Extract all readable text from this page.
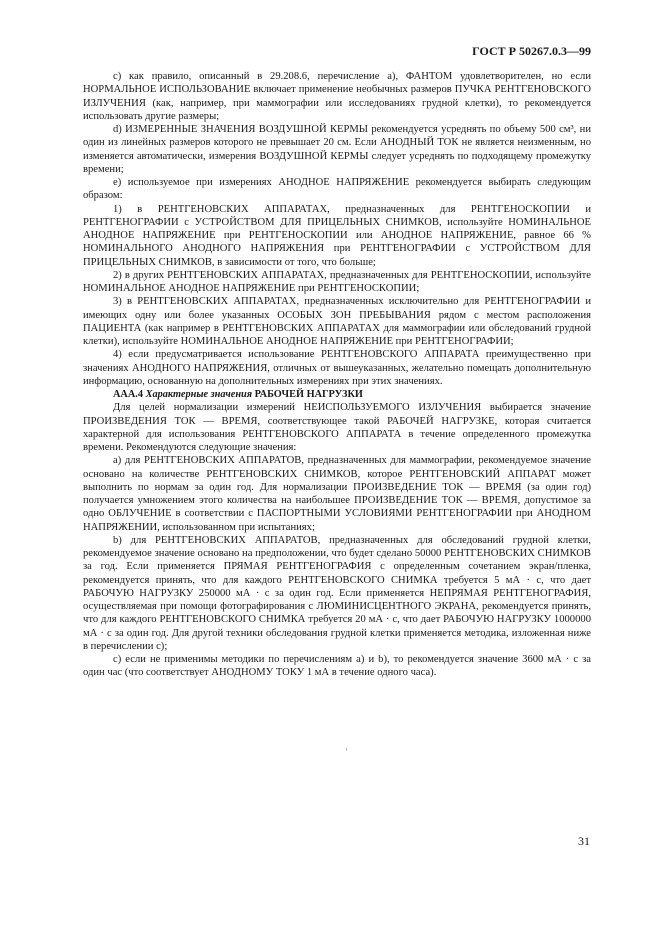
ГОСТ Р 50267.0.3—99

c) как правило, описанный в 29.208.6, перечисление а), ФАНТОМ удовлетворителен, но если НОРМАЛЬНОЕ ИСПОЛЬЗОВАНИЕ включает применение необычных размеров ПУЧКА РЕНТГЕНОВСКОГО ИЗЛУЧЕНИЯ (как, например, при маммографии или исследованиях грудной клетки), то рекомендуется использовать другие размеры;

d) ИЗМЕРЕННЫЕ ЗНАЧЕНИЯ ВОЗДУШНОЙ КЕРМЫ рекомендуется усреднять по объему 500 см³, ни один из линейных размеров которого не превышает 20 см. Если АНОДНЫЙ ТОК не является неизменным, но изменяется автоматически, измерения ВОЗДУШНОЙ КЕРМЫ следует усреднять по подходящему промежутку времени;

e) используемое при измерениях АНОДНОЕ НАПРЯЖЕНИЕ рекомендуется выбирать следующим образом:

1) в РЕНТГЕНОВСКИХ АППАРАТАХ, предназначенных для РЕНТГЕНОСКОПИИ и РЕНТГЕНОГРАФИИ с УСТРОЙСТВОМ ДЛЯ ПРИЦЕЛЬНЫХ СНИМКОВ, используйте НОМИНАЛЬНОЕ АНОДНОЕ НАПРЯЖЕНИЕ при РЕНТГЕНОСКОПИИ или АНОДНОЕ НАПРЯЖЕНИЕ, равное 66 % НОМИНАЛЬНОГО АНОДНОГО НАПРЯЖЕНИЯ при РЕНТГЕНОГРАФИИ с УСТРОЙСТВОМ ДЛЯ ПРИЦЕЛЬНЫХ СНИМКОВ, в зависимости от того, что больше;

2) в других РЕНТГЕНОВСКИХ АППАРАТАХ, предназначенных для РЕНТГЕНОСКОПИИ, используйте НОМИНАЛЬНОЕ АНОДНОЕ НАПРЯЖЕНИЕ при РЕНТГЕНОСКОПИИ;

3) в РЕНТГЕНОВСКИХ АППАРАТАХ, предназначенных исключительно для РЕНТГЕНОГРАФИИ и имеющих одну или более указанных ОСОБЫХ ЗОН ПРЕБЫВАНИЯ рядом с местом расположения ПАЦИЕНТА (как например в РЕНТГЕНОВСКИХ АППАРАТАХ для маммографии или обследований грудной клетки), используйте НОМИНАЛЬНОЕ АНОДНОЕ НАПРЯЖЕНИЕ при РЕНТГЕНОГРАФИИ;

4) если предусматривается использование РЕНТГЕНОВСКОГО АППАРАТА преимущественно при значениях АНОДНОГО НАПРЯЖЕНИЯ, отличных от вышеуказанных, желательно помещать дополнительную информацию, основанную на дополнительных измерениях при этих значениях.

AAA.4 Характерные значения РАБОЧЕЙ НАГРУЗКИ

Для целей нормализации измерений НЕИСПОЛЬЗУЕМОГО ИЗЛУЧЕНИЯ выбирается значение ПРОИЗВЕДЕНИЯ ТОК — ВРЕМЯ, соответствующее такой РАБОЧЕЙ НАГРУЗКЕ, которая считается характерной для использования РЕНТГЕНОВСКОГО АППАРАТА в течение определенного промежутка времени. Рекомендуются следующие значения:

a) для РЕНТГЕНОВСКИХ АППАРАТОВ, предназначенных для маммографии, рекомендуемое значение основано на количестве РЕНТГЕНОВСКИХ СНИМКОВ, которое РЕНТГЕНОВСКИЙ АППАРАТ может выполнить по нормам за один год. Для нормализации ПРОИЗВЕДЕНИЕ ТОК — ВРЕМЯ (за один год) получается умножением этого количества на наибольшее ПРОИЗВЕДЕНИЕ ТОК — ВРЕМЯ, допустимое за одно ОБЛУЧЕНИЕ в соответствии с ПАСПОРТНЫМИ УСЛОВИЯМИ РЕНТГЕНОГРАФИИ при АНОДНОМ НАПРЯЖЕНИИ, использованном при испытаниях;

b) для РЕНТГЕНОВСКИХ АППАРАТОВ, предназначенных для обследований грудной клетки, рекомендуемое значение основано на предположении, что будет сделано 50000 РЕНТГЕНОВСКИХ СНИМКОВ за год. Если применяется ПРЯМАЯ РЕНТГЕНОГРАФИЯ с определенным сочетанием экран/пленка, рекомендуется принять, что для каждого РЕНТГЕНОВСКОГО СНИМКА требуется 5 мА · с, что дает РАБОЧУЮ НАГРУЗКУ 250000 мА · с за один год. Если применяется НЕПРЯМАЯ РЕНТГЕНОГРАФИЯ, осуществляемая при помощи фотографирования с ЛЮМИНИСЦЕНТНОГО ЭКРАНА, рекомендуется принять, что для каждого РЕНТГЕНОВСКОГО СНИМКА требуется 20 мА · с, что дает РАБОЧУЮ НАГРУЗКУ 1000000 мА · с за один год. Для другой техники обследования грудной клетки применяется методика, изложенная ниже в перечислении с);

c) если не применимы методики по перечислениям а) и b), то рекомендуется значение 3600 мА · с за один час (что соответствует АНОДНОМУ ТОКУ 1 мА в течение одного часа).

31
